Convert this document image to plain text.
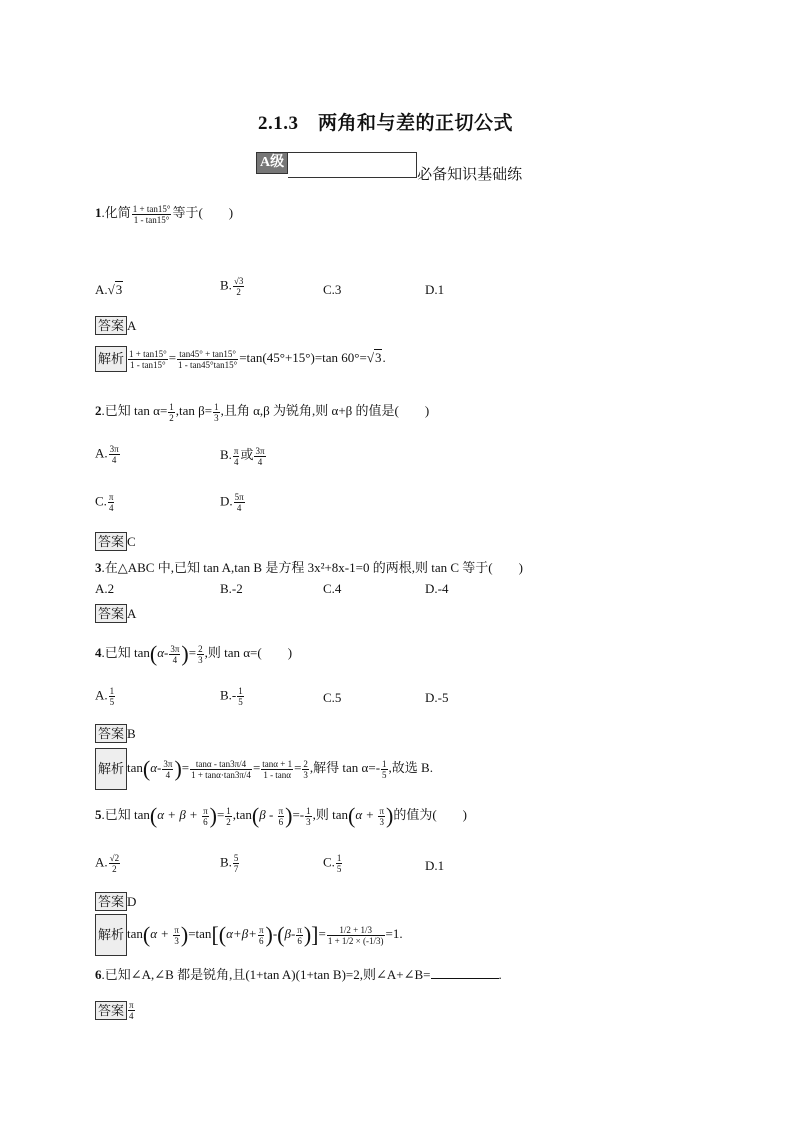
2.1.3　两角和与差的正切公式
A级必备知识基础练
1.化简 $\frac{1 + \tan 15^\circ}{1 - \tan 15^\circ}$ 等于(　　)
A.√3	B. $\frac{√3}{2}$	C.3	D.1
答案 A
解析 $\frac{1 + \tan 15^\circ}{1 - \tan 15^\circ} = \frac{\tan 45^\circ + \tan 15^\circ}{1 - \tan 45^\circ\tan 15^\circ} =\tan(45^\circ+15^\circ)=\tan$ 60°=√3.
2.已知 $\tan \alpha= \frac{1}{2} ,\tan$ $\beta= \frac{1}{3}$ ,且角 α,β 为锐角,则 α+β 的值是(　　)
A. $\frac{3\pi}{4}$	B. $\frac{\pi}{4}$ 或 $\frac{3\pi}{4}$
C. $\frac{\pi}{4}$	D. $\frac{5\pi}{4}$
答案 C
3.在△ABC 中,已知 tan A,tan B 是方程 3x²+8x-1=0 的两根,则 tan C 等于(　　)
A.2	B.-2	C.4	D.-4
答案 A
4.已知 $\tan(\alpha- \frac{3\pi}{4}$ )= $\frac{2}{3}$ ,则 tan α=(　　)
A. $\frac{1}{5}$	$B.- \frac{1}{5}$	C.5	D.-5
答案 B
解析 $\tan(\alpha- \frac{3\pi}{4}$ )= $\frac{\tan\alpha - \tan 3\pi/4}{1 + \tan\alpha\cdot\tan 3\pi/4} = \frac{\tan\alpha + 1}{1 - \tan\alpha} = \frac{2}{3}$ ,解得 $\tan \alpha=- \frac{1}{5}$ ,故选 B.
5.已知 $\tan(\alpha + \beta + \frac{\pi}{6}$ )= $\frac{1}{2} ,\tan(\beta - \frac{\pi}{6}$ )=- $\frac{1}{3}$ ,则 $\tan(\alpha + \frac{\pi}{3}$ )的值为(　　)
A. $\frac{√2}{2}$	B. $\frac{5}{7}$	C. $\frac{1}{5}$	D.1
答案 D
解析 $\tan(\alpha + \frac{\pi}{3} )=\tan[(\alpha+\beta+ \frac{\pi}{6} )-(\beta- \frac{\pi}{6}$ )]= $\frac{1/2 + 1/3}{1 + 1/2 \times (-1/3)} =1$.
6.已知∠A,∠B 都是锐角,且(1+tan A)(1+tan B)=2,则∠A+∠B=	.
答案 $\frac{\pi}{4}$
